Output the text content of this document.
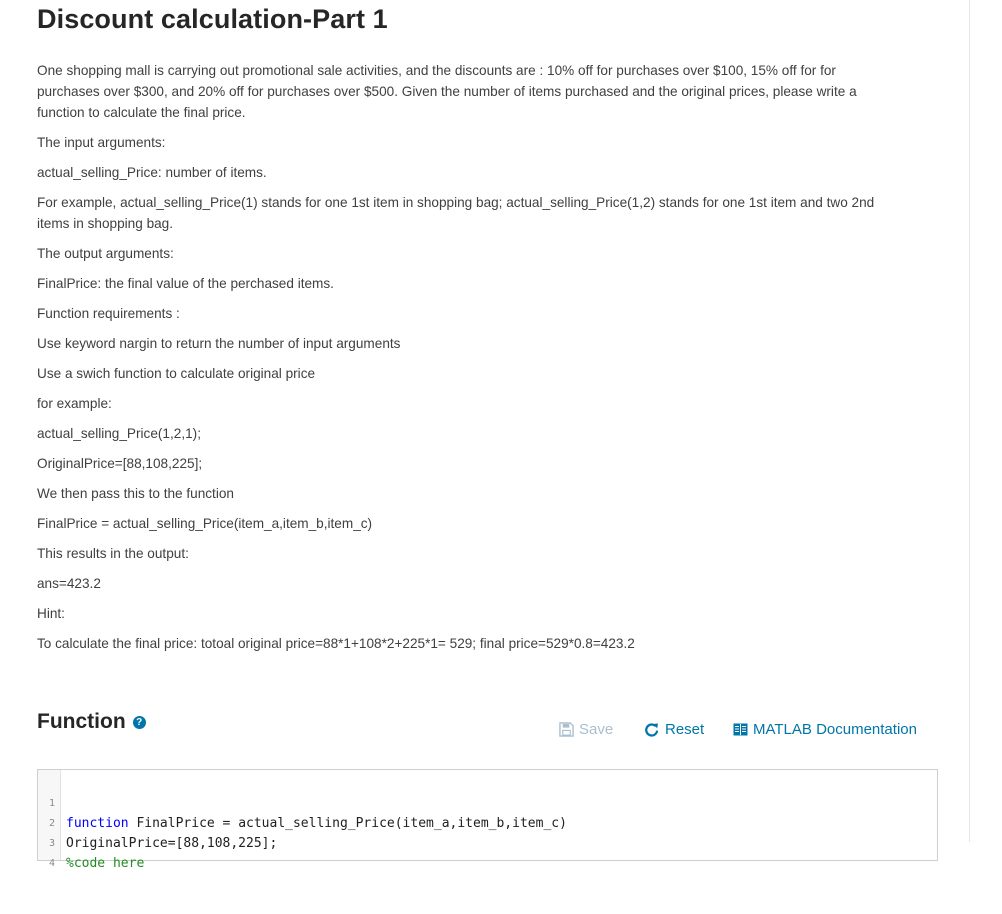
Discount calculation-Part 1

One shopping mall is carrying out promotional sale activities, and the discounts are : 10% off for purchases over $100, 15% off for for purchases over $300, and 20% off for purchases over $500. Given the number of items purchased and the original prices, please write a function to calculate the final price.

The input arguments:

actual_selling_Price: number of items.

For example, actual_selling_Price(1) stands for one 1st item in shopping bag; actual_selling_Price(1,2) stands for one 1st item and two 2nd items in shopping bag.

The output arguments:

FinalPrice: the final value of the perchased items.

Function requirements :

Use keyword nargin to return the number of input arguments

Use a swich function to calculate original price

for example:

actual_selling_Price(1,2,1);

OriginalPrice=[88,108,225];

We then pass this to the function

FinalPrice = actual_selling_Price(item_a,item_b,item_c)

This results in the output:

ans=423.2

Hint:

To calculate the final price: totoal original price=88*1+108*2+225*1= 529; final price=529*0.8=423.2

Function	?	Save	Reset	MATLAB Documentation

1

function FinalPrice = actual_selling_Price(item_a,item_b,item_c)

2

OriginalPrice=[88,108,225];

3

%code here

4
